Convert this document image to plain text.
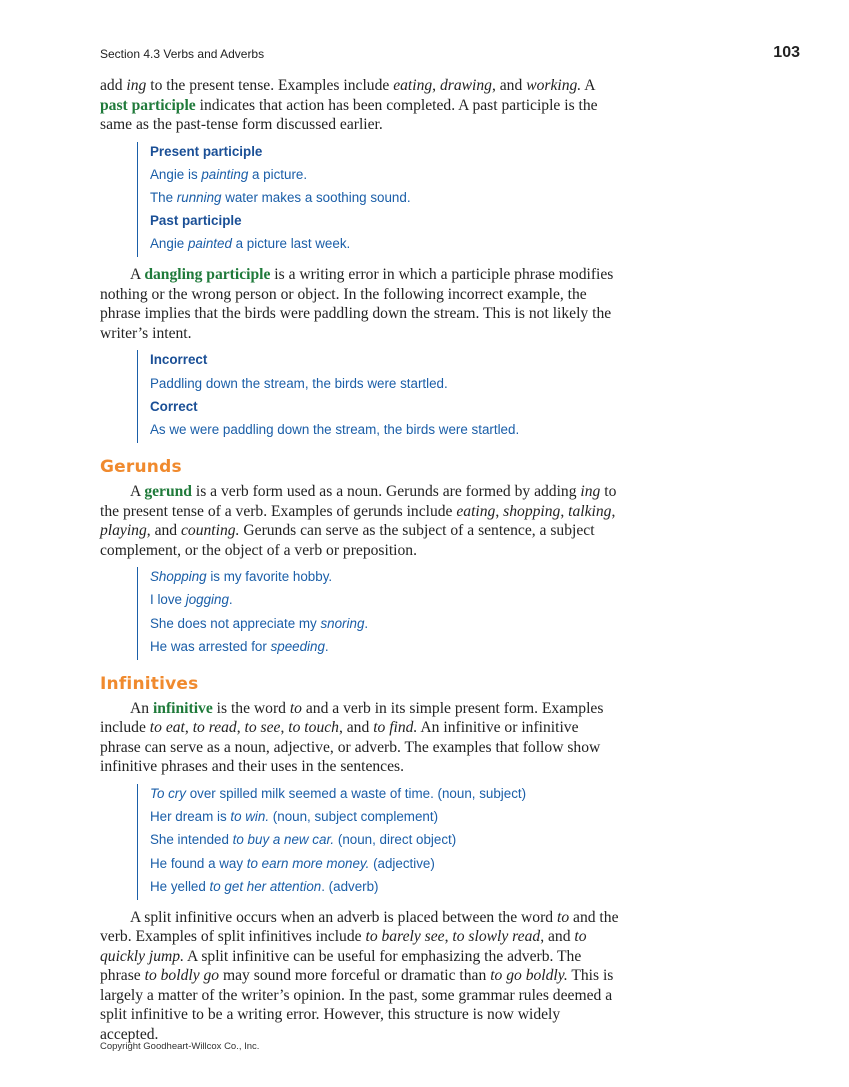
Section 4.3 Verbs and Adverbs	103

add ing to the present tense. Examples include eating, drawing, and working. A past participle indicates that action has been completed. A past participle is the same as the past-tense form discussed earlier.

Present participle
Angie is painting a picture.
The running water makes a soothing sound.
Past participle
Angie painted a picture last week.

A dangling participle is a writing error in which a participle phrase modifies nothing or the wrong person or object. In the following incorrect example, the phrase implies that the birds were paddling down the stream. This is not likely the writer’s intent.

Incorrect
Paddling down the stream, the birds were startled.
Correct
As we were paddling down the stream, the birds were startled.
Gerunds

A gerund is a verb form used as a noun. Gerunds are formed by adding ing to the present tense of a verb. Examples of gerunds include eating, shopping, talking, playing, and counting. Gerunds can serve as the subject of a sentence, a subject complement, or the object of a verb or preposition.

Shopping is my favorite hobby.
I love jogging.
She does not appreciate my snoring.
He was arrested for speeding.
Infinitives

An infinitive is the word to and a verb in its simple present form. Examples include to eat, to read, to see, to touch, and to find. An infinitive or infinitive phrase can serve as a noun, adjective, or adverb. The examples that follow show infinitive phrases and their uses in the sentences.

To cry over spilled milk seemed a waste of time. (noun, subject)
Her dream is to win. (noun, subject complement)
She intended to buy a new car. (noun, direct object)
He found a way to earn more money. (adjective)
He yelled to get her attention. (adverb)

A split infinitive occurs when an adverb is placed between the word to and the verb. Examples of split infinitives include to barely see, to slowly read, and to quickly jump. A split infinitive can be useful for emphasizing the adverb. The phrase to boldly go may sound more forceful or dramatic than to go boldly. This is largely a matter of the writer’s opinion. In the past, some grammar rules deemed a split infinitive to be a writing error. However, this structure is now widely accepted.

Copyright Goodheart-Willcox Co., Inc.
